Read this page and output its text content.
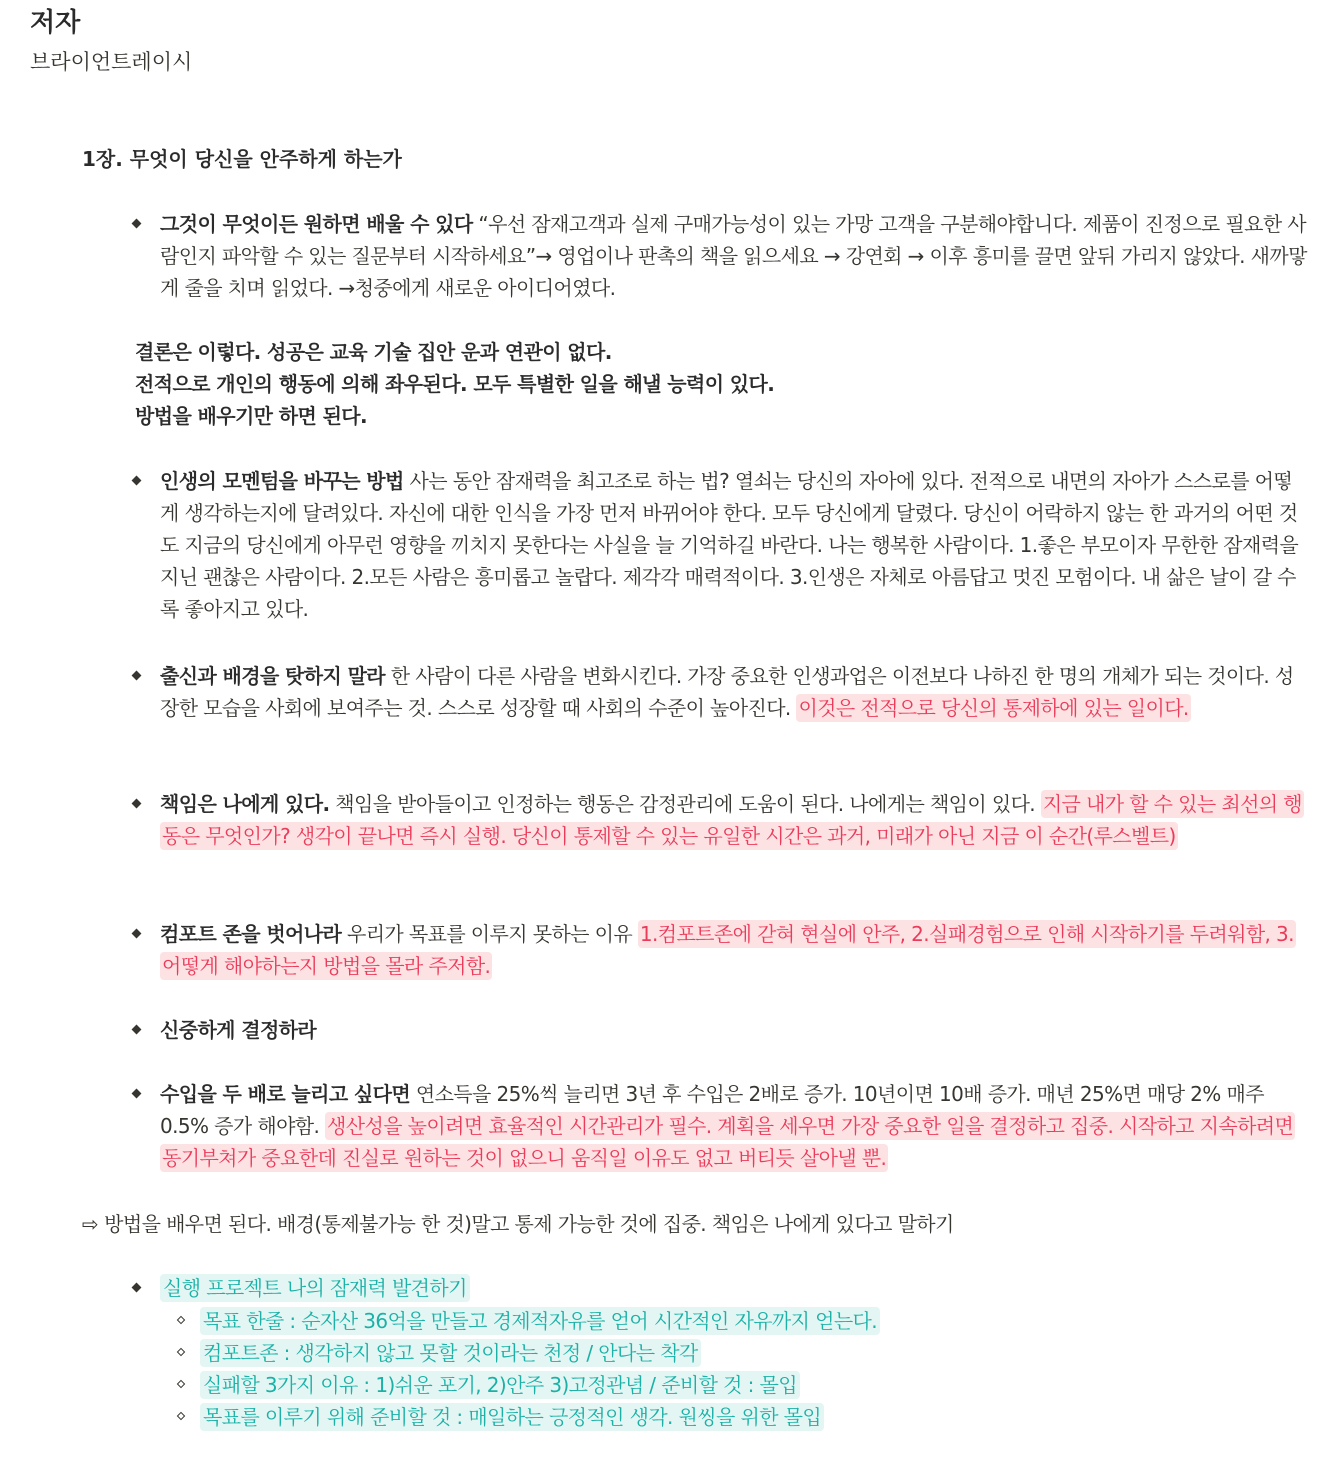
저자
브라이언트레이시
1장. 무엇이 당신을 안주하게 하는가
그것이 무엇이든 원하면 배울 수 있다 “우선 잠재고객과 실제 구매가능성이 있는 가망 고객을 구분해야합니다. 제품이 진정으로 필요한 사람인지 파악할 수 있는 질문부터 시작하세요”→ 영업이나 판촉의 책을 읽으세요 → 강연회 → 이후 흥미를 끌면 앞뒤 가리지 않았다. 새까맣게 줄을 치며 읽었다. →청중에게 새로운 아이디어였다.
결론은 이렇다. 성공은 교육 기술 집안 운과 연관이 없다.
전적으로 개인의 행동에 의해 좌우된다. 모두 특별한 일을 해낼 능력이 있다.
방법을 배우기만 하면 된다.
인생의 모멘텀을 바꾸는 방법 사는 동안 잠재력을 최고조로 하는 법? 열쇠는 당신의 자아에 있다. 전적으로 내면의 자아가 스스로를 어떻게 생각하는지에 달려있다. 자신에 대한 인식을 가장 먼저 바뀌어야 한다. 모두 당신에게 달렸다. 당신이 어락하지 않는 한 과거의 어떤 것도 지금의 당신에게 아무런 영향을 끼치지 못한다는 사실을 늘 기억하길 바란다. 나는 행복한 사람이다. 1.좋은 부모이자 무한한 잠재력을 지닌 괜찮은 사람이다. 2.모든 사람은 흥미롭고 놀랍다. 제각각 매력적이다. 3.인생은 자체로 아름답고 멋진 모험이다. 내 삶은 날이 갈 수록 좋아지고 있다.
출신과 배경을 탓하지 말라 한 사람이 다른 사람을 변화시킨다. 가장 중요한 인생과업은 이전보다 나하진 한 명의 개체가 되는 것이다. 성장한 모습을 사회에 보여주는 것. 스스로 성장할 때 사회의 수준이 높아진다. 이것은 전적으로 당신의 통제하에 있는 일이다.
책임은 나에게 있다. 책임을 받아들이고 인정하는 행동은 감정관리에 도움이 된다. 나에게는 책임이 있다. 지금 내가 할 수 있는 최선의 행동은 무엇인가? 생각이 끝나면 즉시 실행. 당신이 통제할 수 있는 유일한 시간은 과거, 미래가 아닌 지금 이 순간(루스벨트)
컴포트 존을 벗어나라 우리가 목표를 이루지 못하는 이유 1.컴포트존에 갇혀 현실에 안주, 2.실패경험으로 인해 시작하기를 두려워함, 3.어떻게 해야하는지 방법을 몰라 주저함.
신중하게 결정하라
수입을 두 배로 늘리고 싶다면 연소득을 25%씩 늘리면 3년 후 수입은 2배로 증가. 10년이면 10배 증가. 매년 25%면 매당 2% 매주 0.5% 증가 해야함. 생산성을 높이려면 효율적인 시간관리가 필수. 계획을 세우면 가장 중요한 일을 결정하고 집중. 시작하고 지속하려면 동기부쳐가 중요한데 진실로 원하는 것이 없으니 움직일 이유도 없고 버티듯 살아낼 뿐.
⇨ 방법을 배우면 된다. 배경(통제불가능 한 것)말고 통제 가능한 것에 집중. 책임은 나에게 있다고 말하기
실행 프로젝트 나의 잠재력 발견하기
목표 한줄 : 순자산 36억을 만들고 경제적자유를 얻어 시간적인 자유까지 얻는다.
컴포트존 : 생각하지 않고 못할 것이라는 천정 / 안다는 착각
실패할 3가지 이유 : 1)쉬운 포기, 2)안주 3)고정관념 / 준비할 것 : 몰입
목표를 이루기 위해 준비할 것 : 매일하는 긍정적인 생각. 원씽을 위한 몰입
